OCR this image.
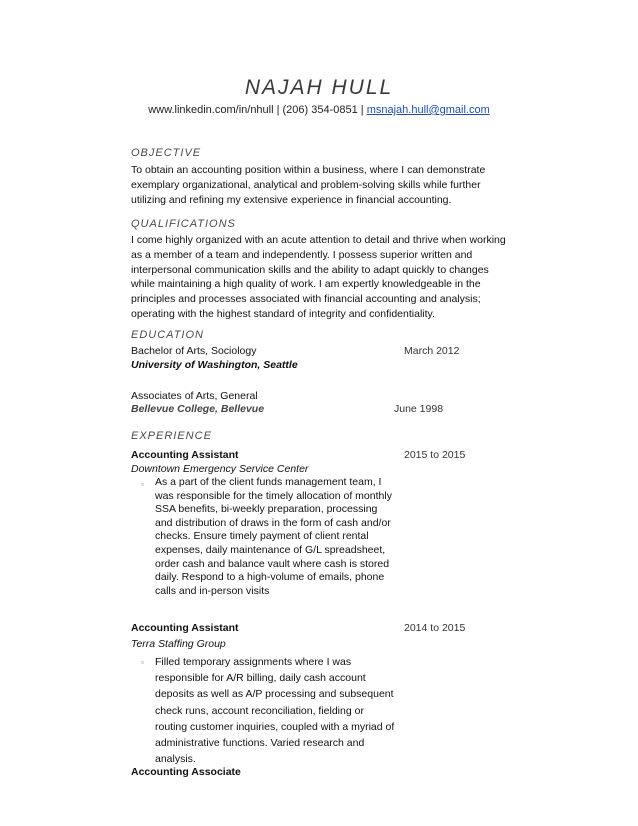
NAJAH HULL
www.linkedin.com/in/nhull | (206) 354-0851 | msnajah.hull@gmail.com
OBJECTIVE
To obtain an accounting position within a business, where I can demonstrate exemplary organizational, analytical and problem-solving skills while further utilizing and refining my extensive experience in financial accounting.
QUALIFICATIONS
I come highly organized with an acute attention to detail and thrive when working as a member of a team and independently. I possess superior written and interpersonal communication skills and the ability to adapt quickly to changes while maintaining a high quality of work. I am expertly knowledgeable in the principles and processes associated with financial accounting and analysis; operating with the highest standard of integrity and confidentiality.
EDUCATION
Bachelor of Arts, Sociology	March 2012
University of Washington, Seattle
Associates of Arts, General
Bellevue College, Bellevue	June 1998
EXPERIENCE
Accounting Assistant	2015 to 2015
Downtown Emergency Service Center
▫ As a part of the client funds management team, I was responsible for the timely allocation of monthly SSA benefits, bi-weekly preparation, processing and distribution of draws in the form of cash and/or checks. Ensure timely payment of client rental expenses, daily maintenance of G/L spreadsheet, order cash and balance vault where cash is stored daily. Respond to a high-volume of emails, phone calls and in-person visits
Accounting Assistant	2014 to 2015
Terra Staffing Group
▫ Filled temporary assignments where I was responsible for A/R billing, daily cash account deposits as well as A/P processing and subsequent check runs, account reconciliation, fielding or routing customer inquiries, coupled with a myriad of administrative functions. Varied research and analysis.
Accounting Associate
